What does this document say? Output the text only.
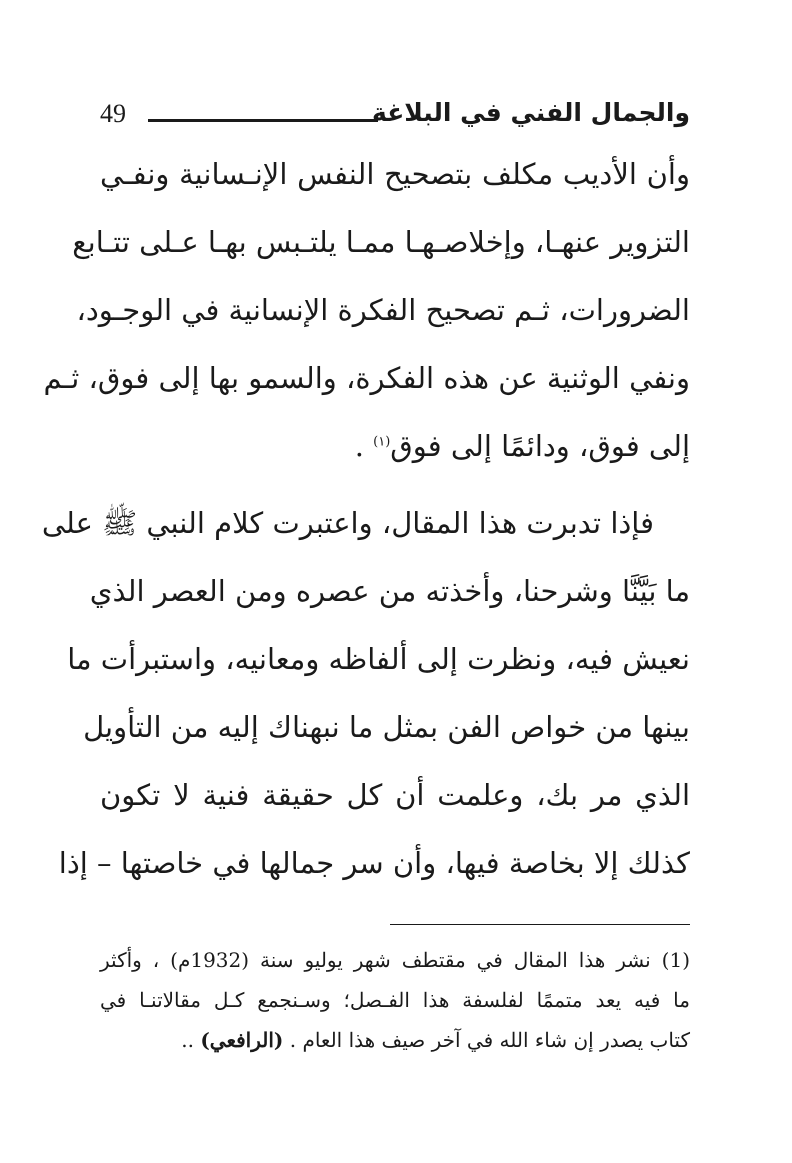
49	والجمال الفني في البلاغة
وأن الأديب مكلف بتصحيح النفس الإنـسانية ونفـي
التزوير عنهـا، وإخلاصـهـا ممـا يلتـبس بهـا عـلى تتـابع
الضرورات، ثـم تصحيح الفكرة الإنسانية في الوجـود،
ونفي الوثنية عن هذه الفكرة، والسمو بها إلى فوق، ثـم
إلى فوق، ودائمًا إلى فوق$^{(١)}$ .
فإذا تدبرت هذا المقال، واعتبرت كلام النبي ﷺ على
ما بَيَّنَّا وشرحنا، وأخذته من عصره ومن العصر الذي
نعيش فيه، ونظرت إلى ألفاظه ومعانيه، واستبرأت ما
بينها من خواص الفن بمثل ما نبهناك إليه من التأويل
الذي مر بك، وعلمت أن كل حقيقة فنية لا تكون
كذلك إلا بخاصة فيها، وأن سر جمالها في خاصتها – إذا
(1) نشر هذا المقال في مقتطف شهر يوليو سنة (1932م) ، وأكثر
ما فيه يعد متممًا لفلسفة هذا الفـصل؛ وسـنجمع كـل مقالاتنـا في
كتاب يصدر إن شاء الله في آخر صيف هذا العام . (الرافعي) ..
